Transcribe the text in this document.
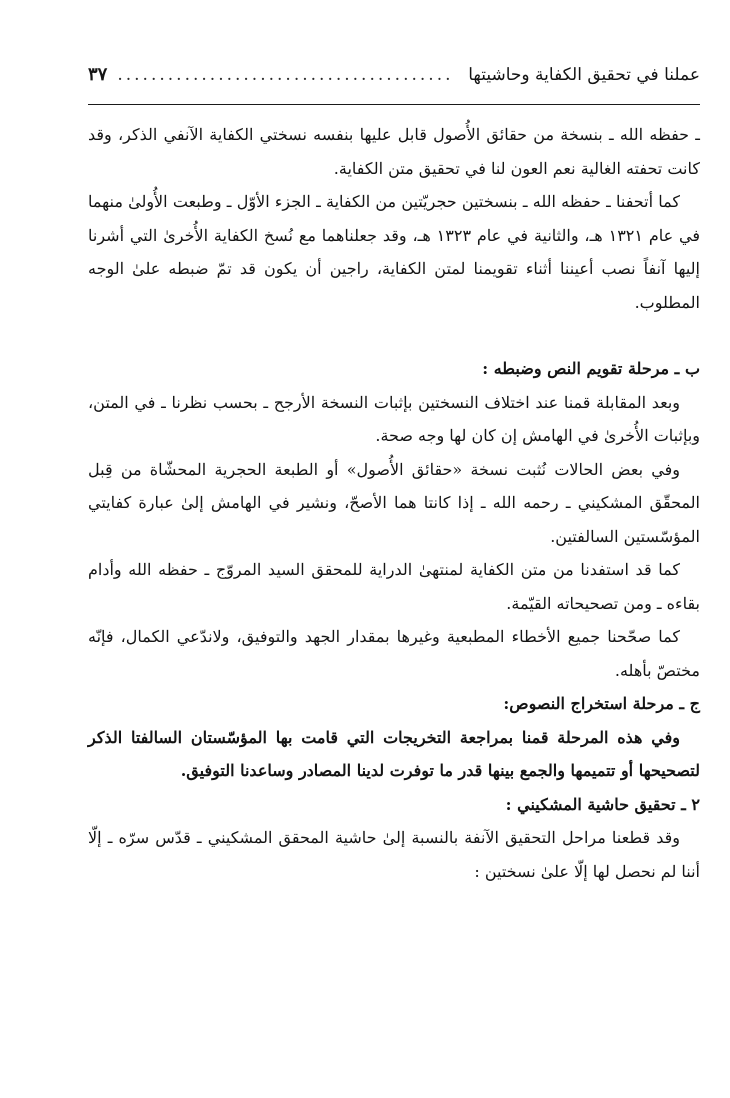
عملنا في تحقيق الكفاية وحاشيتها
........................................
٣٧

ـ حفظه الله ـ بنسخة من حقائق الأُصول قابل عليها بنفسه نسختي الكفاية الآنفي الذكر، وقد كانت تحفته الغالية نعم العون لنا في تحقيق متن الكفاية.

كما أتحفنا ـ حفظه الله ـ بنسختين حجريّتين من الكفاية ـ الجزء الأوّل ـ وطبعت الأُولىٰ منهما في عام ١٣٢١ هـ، والثانية في عام ١٣٢٣ هـ، وقد جعلناهما مع نُسخ الكفاية الأُخرىٰ التي أشرنا إليها آنفاً نصب أعيننا أثناء تقويمنا لمتن الكفاية، راجين أن يكون قد تمّ ضبطه علىٰ الوجه المطلوب.

ب ـ مرحلة تقويم النص وضبطه :

وبعد المقابلة قمنا عند اختلاف النسختين بإثبات النسخة الأرجح ـ بحسب نظرنا ـ في المتن، وبإثبات الأُخرىٰ في الهامش إن كان لها وجه صحة.

وفي بعض الحالات نُثبت نسخة «حقائق الأُصول» أو الطبعة الحجرية المحشّاة من قِبل المحقّق المشكيني ـ رحمه الله ـ إذا كانتا هما الأصحّ، ونشير في الهامش إلىٰ عبارة كفايتي المؤسّستين السالفتين.

كما قد استفدنا من متن الكفاية لمنتهىٰ الدراية للمحقق السيد المروّج ـ حفظه الله وأدام بقاءه ـ ومن تصحيحاته القيّمة.

كما صحّحنا جميع الأخطاء المطبعية وغيرها بمقدار الجهد والتوفيق، ولاندّعي الكمال، فإنّه مختصّ بأهله.

ج ـ مرحلة استخراج النصوص:

وفي هذه المرحلة قمنا بمراجعة التخريجات التي قامت بها المؤسّستان السالفتا الذكر لتصحيحها أو تتميمها والجمع بينها قدر ما توفرت لدينا المصادر وساعدنا التوفيق.

٢ ـ تحقيق حاشية المشكيني :

وقد قطعنا مراحل التحقيق الآنفة بالنسبة إلىٰ حاشية المحقق المشكيني ـ قدّس سرّه ـ إلّا أننا لم نحصل لها إلّا علىٰ نسختين :
